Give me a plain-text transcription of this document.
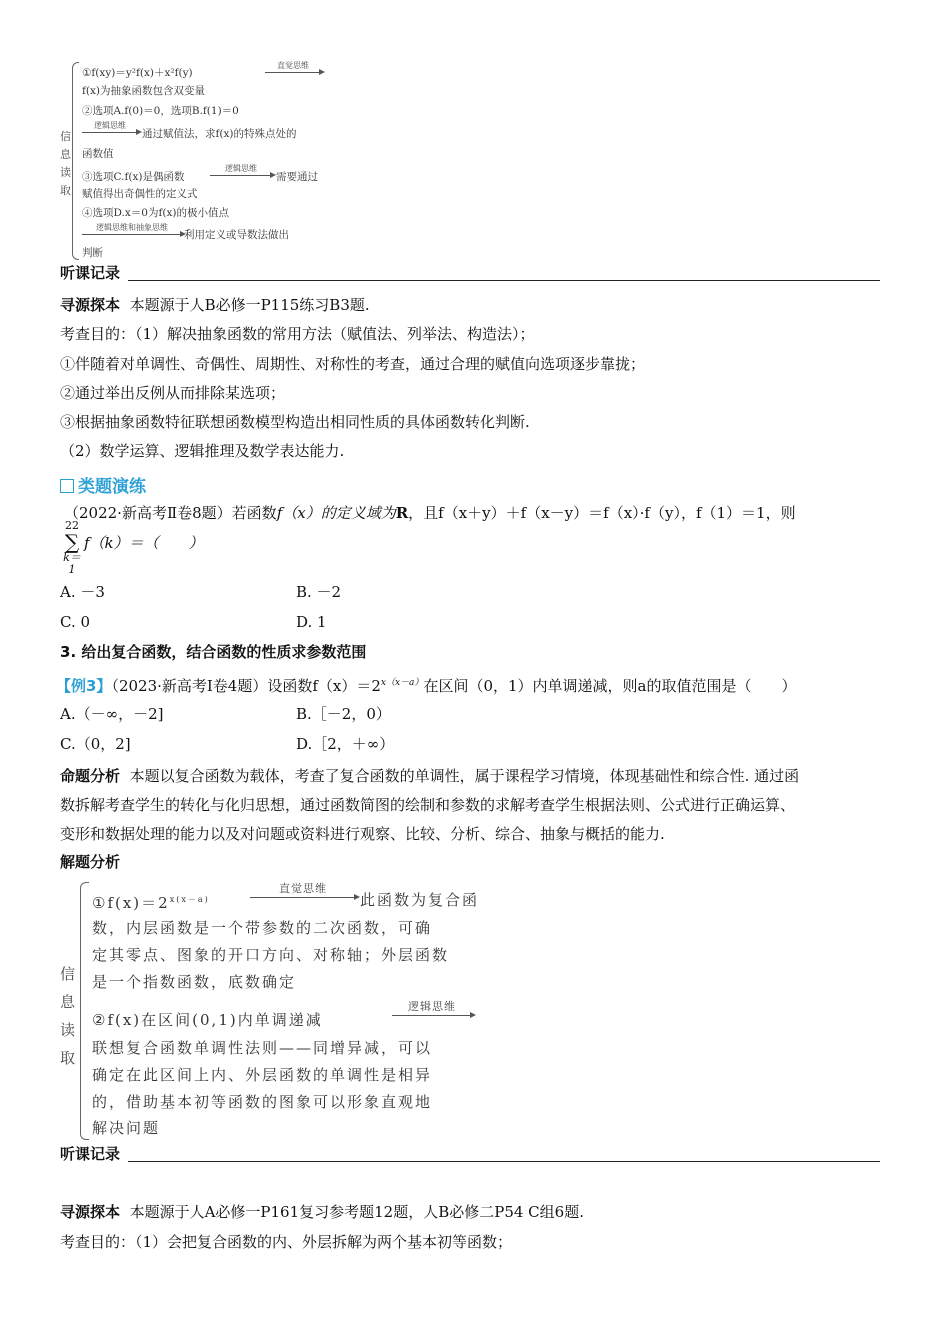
信息读取
①f(xy)＝y²f(x)＋x²f(y)
直觉思维
f(x)为抽象函数包含双变量
②选项A.f(0)＝0，选项B.f(1)＝0
逻辑思维
通过赋值法，求f(x)的特殊点处的
函数值
③选项C.f(x)是偶函数
逻辑思维
需要通过
赋值得出奇偶性的定义式
④选项D.x＝0为f(x)的极小值点
逻辑思维和抽象思维
利用定义或导数法做出
判断
听课记录
寻源探本 本题源于人B必修一P115练习B3题.
考查目的：（1）解决抽象函数的常用方法（赋值法、列举法、构造法）；
①伴随着对单调性、奇偶性、周期性、对称性的考查，通过合理的赋值向选项逐步靠拢；
②通过举出反例从而排除某选项；
③根据抽象函数特征联想函数模型构造出相同性质的具体函数转化判断.
（2）数学运算、逻辑推理及数学表达能力.
类题演练
（2022·新高考Ⅱ卷8题）若函数f（x）的定义域为R，且f（x＋y）＋f（x－y）＝f（x）·f（y），f（1）＝1，则
22
∑
k＝1
f（k）＝（　　）
A. －3	B. －2
C. 0	D. 1
3. 给出复合函数，结合函数的性质求参数范围
【例3】（2023·新高考Ⅰ卷4题）设函数$f(x)=2^{x(x-a)}$在区间（0，1）内单调递减，则a的取值范围是（　　）
A.（－∞，－2]	B.［－2，0）
C.（0，2]	D.［2，＋∞）
命题分析 本题以复合函数为载体，考查了复合函数的单调性，属于课程学习情境，体现基础性和综合性. 通过函
数拆解考查学生的转化与化归思想，通过函数简图的绘制和参数的求解考查学生根据法则、公式进行正确运算、
变形和数据处理的能力以及对问题或资料进行观察、比较、分析、综合、抽象与概括的能力.
解题分析
信息读取
$①f(x)=2^{x(x-a)}$
直觉思维
此函数为复合函
数，内层函数是一个带参数的二次函数，可确
定其零点、图象的开口方向、对称轴；外层函数
是一个指数函数，底数确定
②f(x)在区间(0,1)内单调递减
逻辑思维
联想复合函数单调性法则——同增异减，可以
确定在此区间上内、外层函数的单调性是相异
的，借助基本初等函数的图象可以形象直观地
解决问题
听课记录
寻源探本 本题源于人A必修一P161复习参考题12题，人B必修二P54 C组6题.
考查目的：（1）会把复合函数的内、外层拆解为两个基本初等函数；
